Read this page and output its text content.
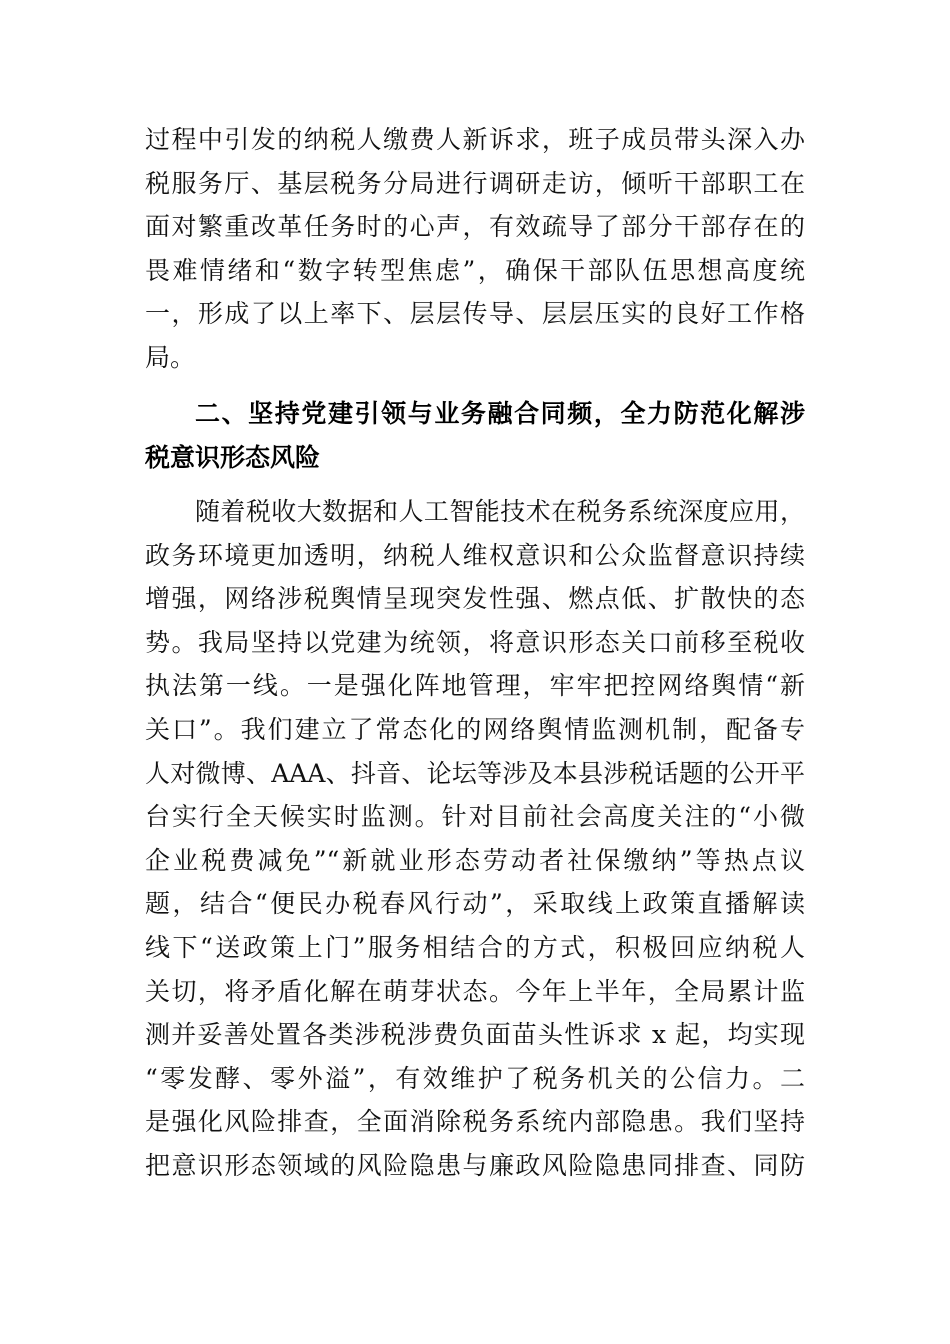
过程中引发的纳税人缴费人新诉求，班子成员带头深入办
税服务厅、基层税务分局进行调研走访，倾听干部职工在
面对繁重改革任务时的心声，有效疏导了部分干部存在的
畏难情绪和“数字转型焦虑”，确保干部队伍思想高度统
一，形成了以上率下、层层传导、层层压实的良好工作格
局。
二、坚持党建引领与业务融合同频，全力防范化解涉
税意识形态风险
随着税收大数据和人工智能技术在税务系统深度应用，
政务环境更加透明，纳税人维权意识和公众监督意识持续
增强，网络涉税舆情呈现突发性强、燃点低、扩散快的态
势。我局坚持以党建为统领，将意识形态关口前移至税收
执法第一线。一是强化阵地管理，牢牢把控网络舆情“新
关口”。我们建立了常态化的网络舆情监测机制，配备专
人对微博、AAA、抖音、论坛等涉及本县涉税话题的公开平
台实行全天候实时监测。针对目前社会高度关注的“小微
企业税费减免”“新就业形态劳动者社保缴纳”等热点议
题，结合“便民办税春风行动”，采取线上政策直播解读
线下“送政策上门”服务相结合的方式，积极回应纳税人
关切，将矛盾化解在萌芽状态。今年上半年，全局累计监
测并妥善处置各类涉税涉费负面苗头性诉求 x 起，均实现
“零发酵、零外溢”，有效维护了税务机关的公信力。二
是强化风险排查，全面消除税务系统内部隐患。我们坚持
把意识形态领域的风险隐患与廉政风险隐患同排查、同防
